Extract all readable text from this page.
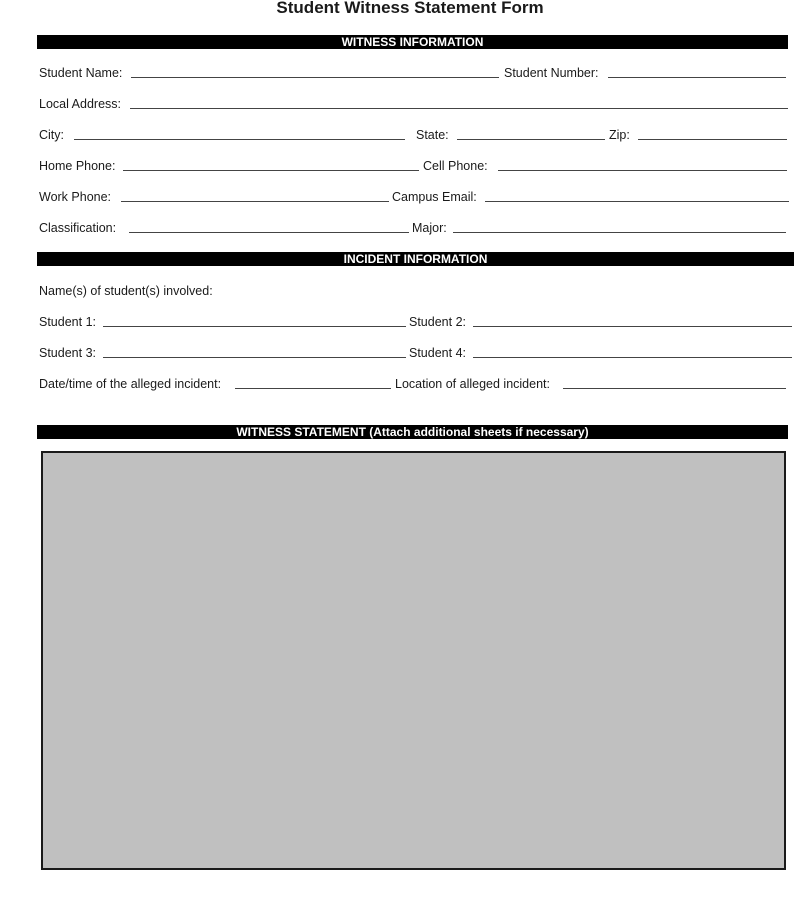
Student Witness Statement Form
WITNESS INFORMATION
Student Name:	Student Number:
Local Address:
City:	State:	Zip:
Home Phone:	Cell Phone:
Work Phone:	Campus Email:
Classification:	Major:
INCIDENT INFORMATION
Name(s) of student(s) involved:
Student 1:	Student 2:
Student 3:	Student 4:
Date/time of the alleged incident:	Location of alleged incident:
WITNESS STATEMENT (Attach additional sheets if necessary)
